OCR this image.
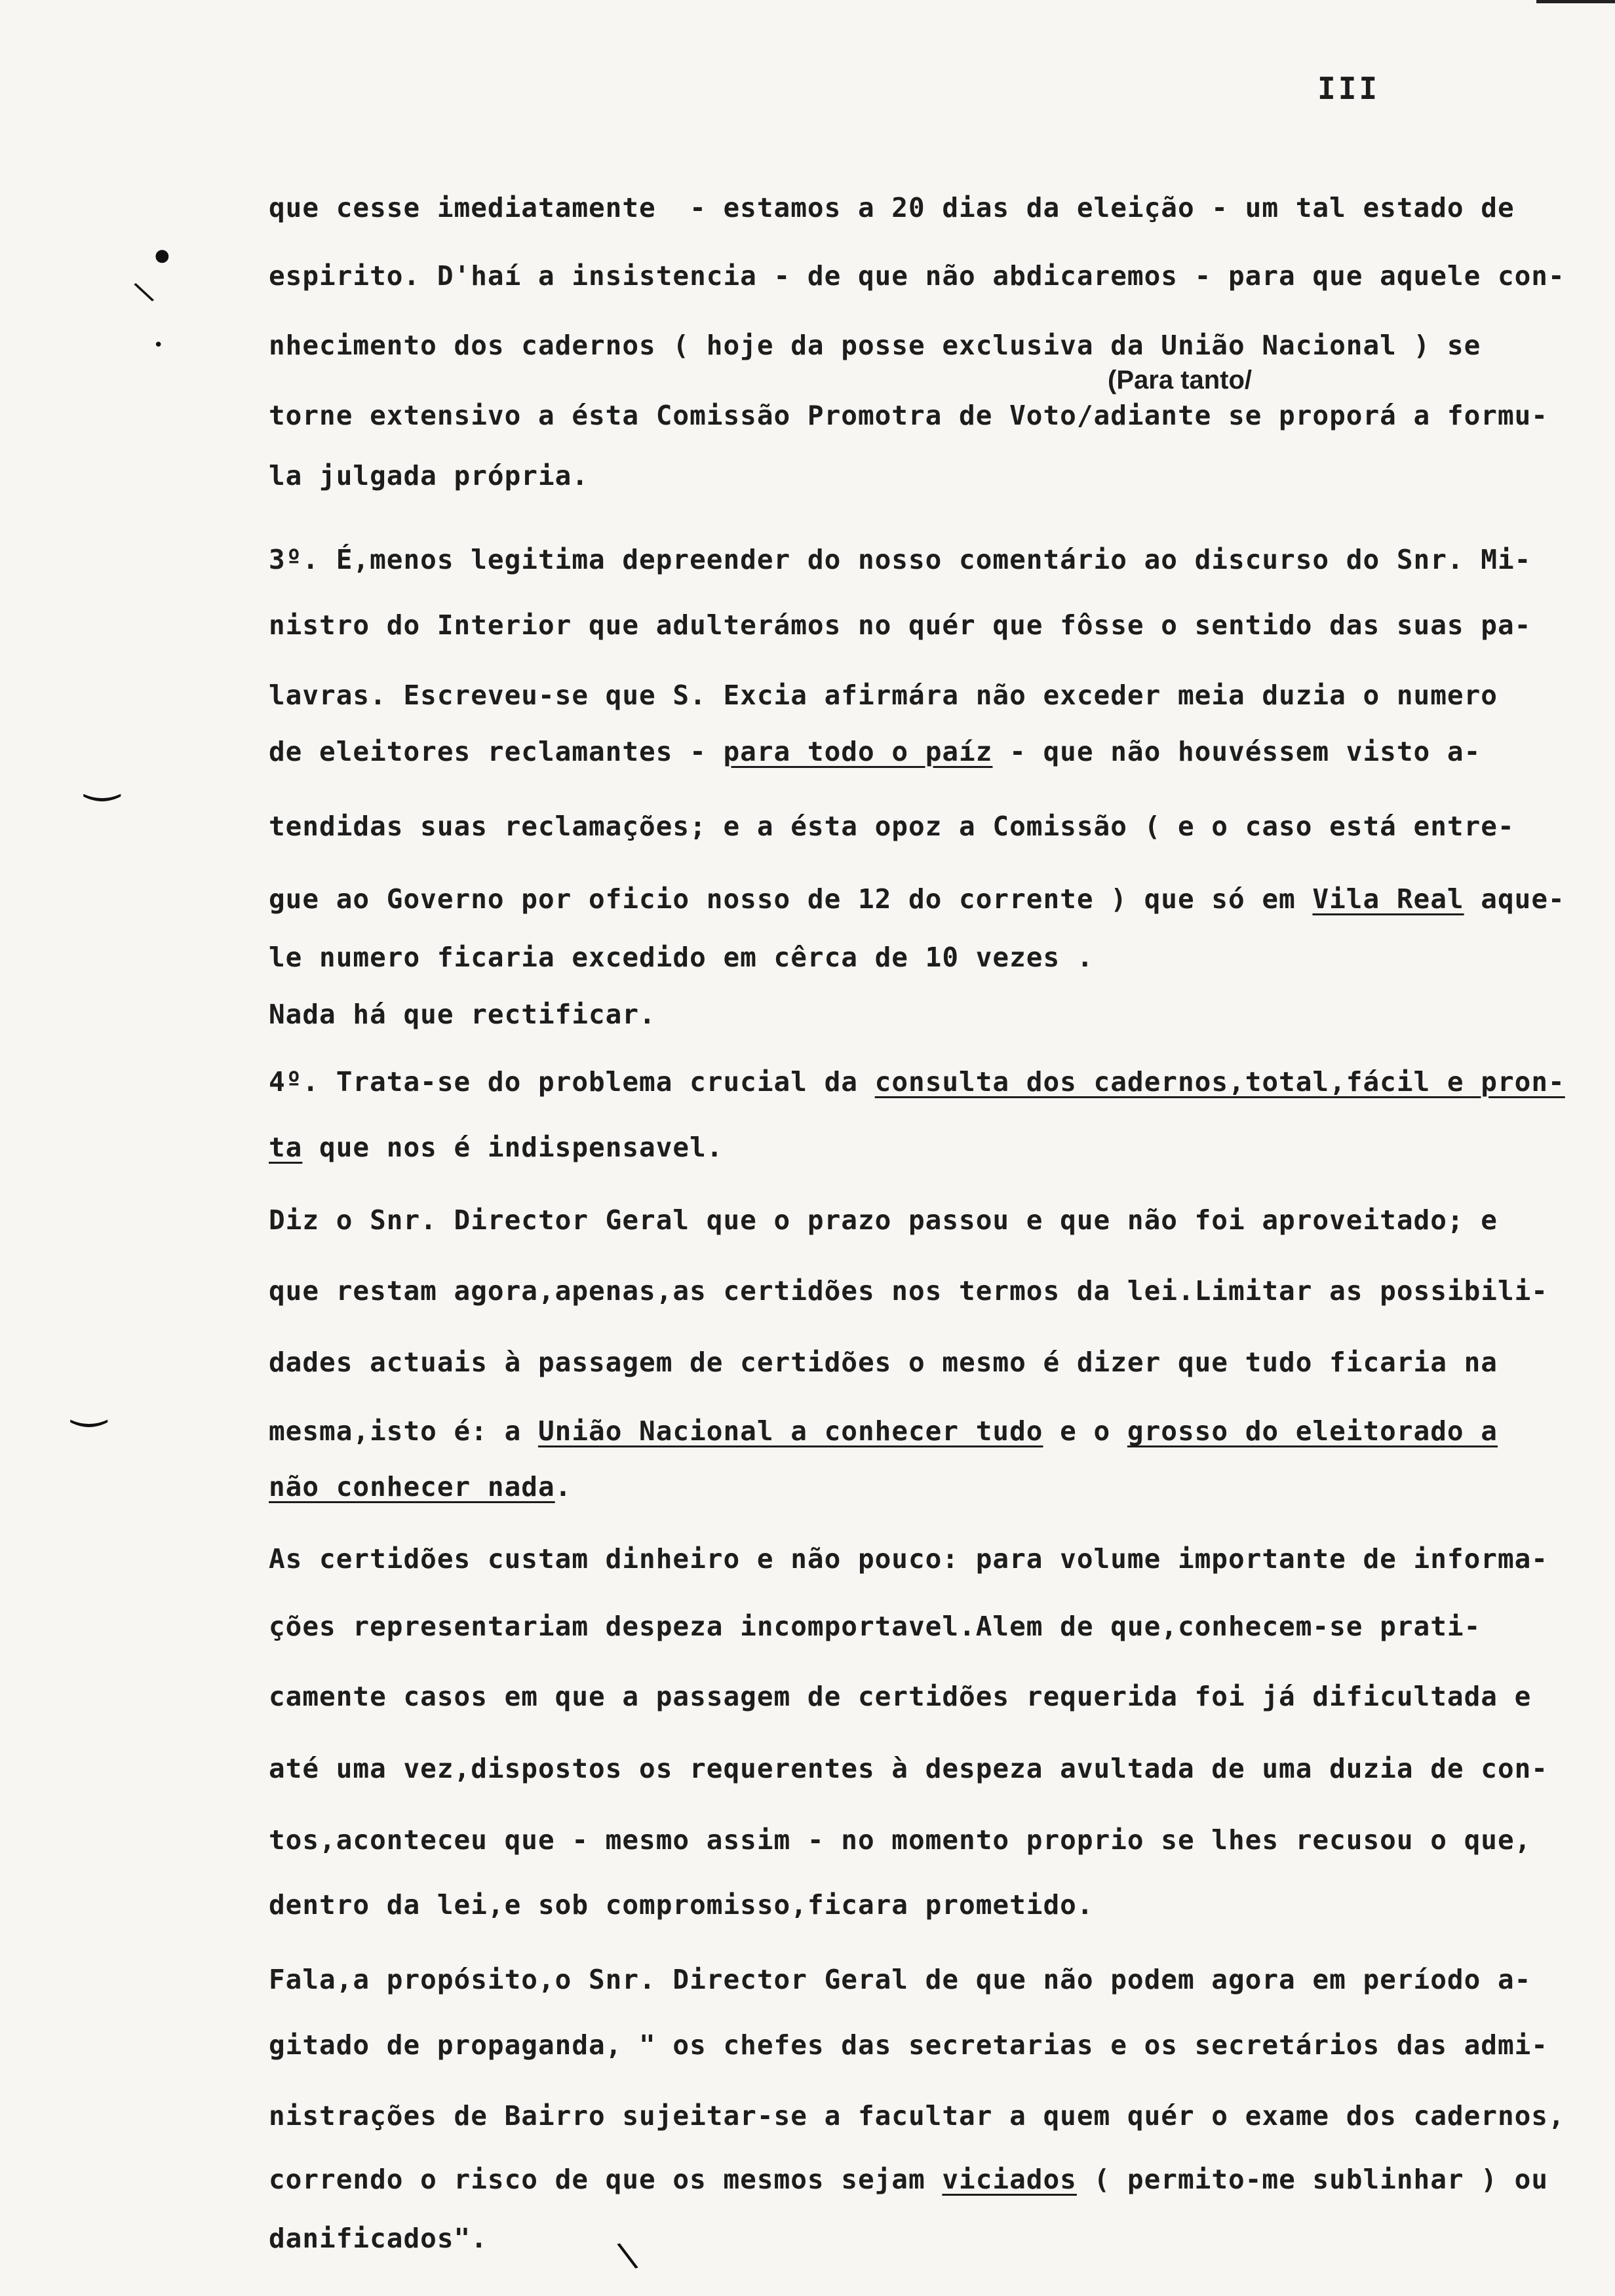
III
●
\
•
‿
‿
\
que cesse imediatamente  - estamos a 20 dias da eleição - um tal estado de
espirito. D'haí a insistencia - de que não abdicaremos - para que aquele con-
nhecimento dos cadernos ( hoje da posse exclusiva da União Nacional ) se
(Para tanto/
torne extensivo a ésta Comissão Promotra de Voto/adiante se proporá a formu-
la julgada própria.
3º. É,menos legitima depreender do nosso comentário ao discurso do Snr. Mi-
nistro do Interior que adulterámos no quér que fôsse o sentido das suas pa-
lavras. Escreveu-se que S. Excia afirmára não exceder meia duzia o numero
de eleitores reclamantes - para todo o paíz - que não houvéssem visto a-
tendidas suas reclamações; e a ésta opoz a Comissão ( e o caso está entre-
gue ao Governo por oficio nosso de 12 do corrente ) que só em Vila Real aque-
le numero ficaria excedido em cêrca de 10 vezes .
Nada há que rectificar.
4º. Trata-se do problema crucial da consulta dos cadernos,total,fácil e pron-
ta que nos é indispensavel.
Diz o Snr. Director Geral que o prazo passou e que não foi aproveitado; e
que restam agora,apenas,as certidões nos termos da lei.Limitar as possibili-
dades actuais à passagem de certidões o mesmo é dizer que tudo ficaria na
mesma,isto é: a União Nacional a conhecer tudo e o grosso do eleitorado a
não conhecer nada.
As certidões custam dinheiro e não pouco: para volume importante de informa-
ções representariam despeza incomportavel.Alem de que,conhecem-se prati-
camente casos em que a passagem de certidões requerida foi já dificultada e
até uma vez,dispostos os requerentes à despeza avultada de uma duzia de con-
tos,aconteceu que - mesmo assim - no momento proprio se lhes recusou o que,
dentro da lei,e sob compromisso,ficara prometido.
Fala,a propósito,o Snr. Director Geral de que não podem agora em período a-
gitado de propaganda, " os chefes das secretarias e os secretários das admi-
nistrações de Bairro sujeitar-se a facultar a quem quér o exame dos cadernos,
correndo o risco de que os mesmos sejam viciados ( permito-me sublinhar ) ou
danificados".
